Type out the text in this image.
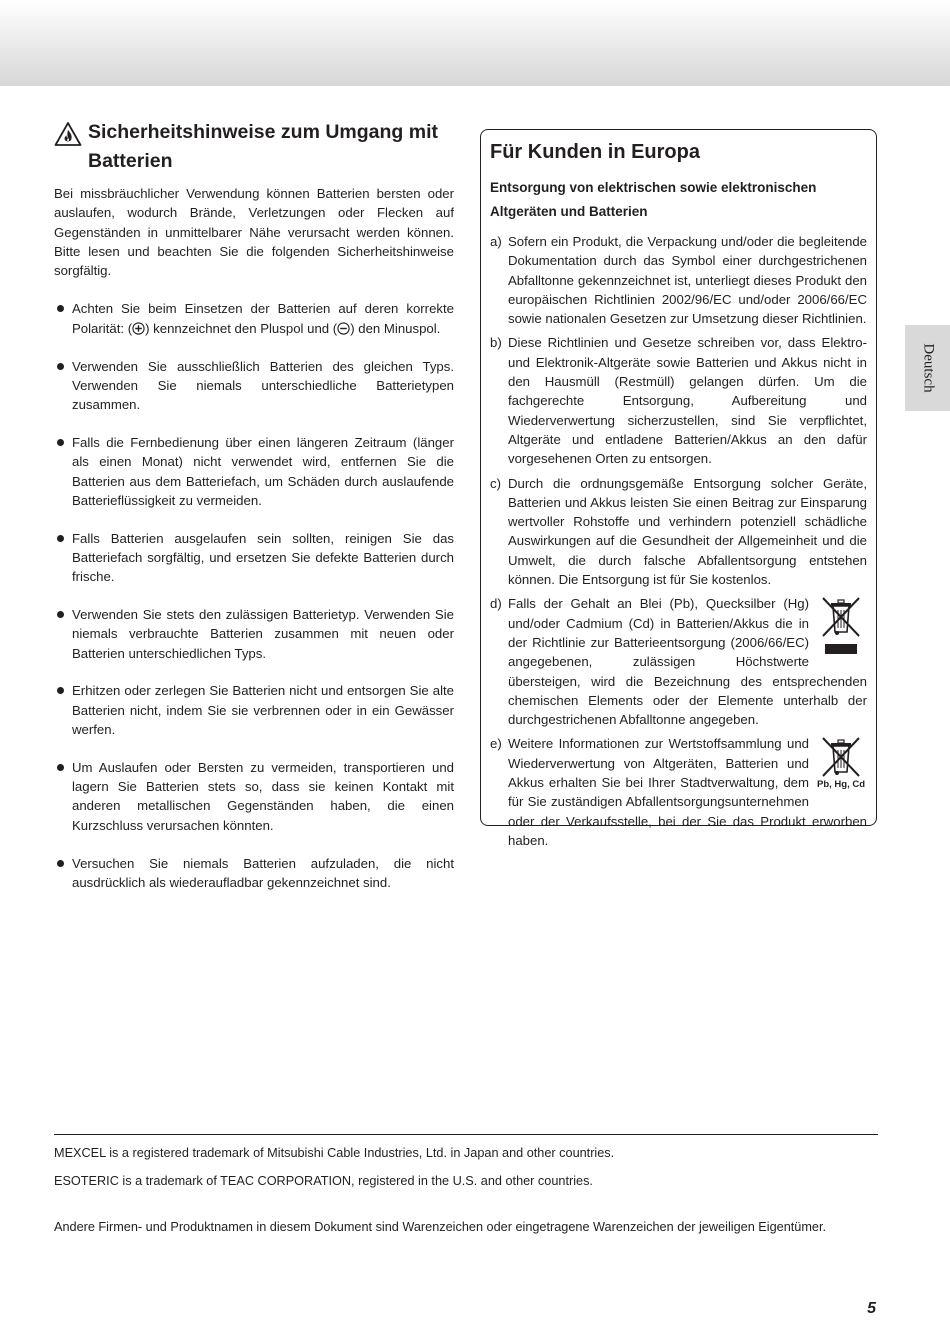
Deutsch
Sicherheitshinweise zum Umgang mit Batterien

Bei missbräuchlicher Verwendung können Batterien bersten oder auslaufen, wodurch Brände, Verletzungen oder Flecken auf Gegenständen in unmittelbarer Nähe verursacht werden können. Bitte lesen und beachten Sie die folgenden Sicherheitshinweise sorgfältig.

Achten Sie beim Einsetzen der Batterien auf deren korrekte Polarität: ( ) kennzeichnet den Pluspol und ( ) den Minuspol.
Verwenden Sie ausschließlich Batterien des gleichen Typs. Verwenden Sie niemals unterschiedliche Batterietypen zusammen.
Falls die Fernbedienung über einen längeren Zeitraum (länger als einen Monat) nicht verwendet wird, entfernen Sie die Batterien aus dem Batteriefach, um Schäden durch auslaufende Batterieflüssigkeit zu vermeiden.
Falls Batterien ausgelaufen sein sollten, reinigen Sie das Batteriefach sorgfältig, und ersetzen Sie defekte Batterien durch frische.
Verwenden Sie stets den zulässigen Batterietyp. Verwenden Sie niemals verbrauchte Batterien zusammen mit neuen oder Batterien unterschiedlichen Typs.
Erhitzen oder zerlegen Sie Batterien nicht und entsorgen Sie alte Batterien nicht, indem Sie sie verbrennen oder in ein Gewässer werfen.
Um Auslaufen oder Bersten zu vermeiden, transportieren und lagern Sie Batterien stets so, dass sie keinen Kontakt mit anderen metallischen Gegenständen haben, die einen Kurzschluss verursachen könnten.
Versuchen Sie niemals Batterien aufzuladen, die nicht ausdrücklich als wiederaufladbar gekennzeichnet sind.
Für Kunden in Europa
Entsorgung von elektrischen sowie elektronischen Altgeräten und Batterien
a) Sofern ein Produkt, die Verpackung und/oder die begleitende Dokumentation durch das Symbol einer durchgestrichenen Abfalltonne gekennzeichnet ist, unterliegt dieses Produkt den europäischen Richtlinien 2002/96/EC und/oder 2006/66/EC sowie nationalen Gesetzen zur Umsetzung dieser Richtlinien.
b) Diese Richtlinien und Gesetze schreiben vor, dass Elektro- und Elektronik-Altgeräte sowie Batterien und Akkus nicht in den Hausmüll (Restmüll) gelangen dürfen. Um die fachgerechte Entsorgung, Aufbereitung und Wiederverwertung sicherzustellen, sind Sie verpflichtet, Altgeräte und entladene Batterien/Akkus an den dafür vorgesehenen Orten zu entsorgen.
c) Durch die ordnungsgemäße Entsorgung solcher Geräte, Batterien und Akkus leisten Sie einen Beitrag zur Einsparung wertvoller Rohstoffe und verhindern potenziell schädliche Auswirkungen auf die Gesundheit der Allgemeinheit und die Umwelt, die durch falsche Abfallentsorgung entstehen können. Die Entsorgung ist für Sie kostenlos.
d) Falls der Gehalt an Blei (Pb), Quecksilber (Hg) und/oder Cadmium (Cd) in Batterien/Akkus die in der Richtlinie zur Batterieentsorgung (2006/66/EC) angegebenen, zulässigen Höchstwerte übersteigen, wird die Bezeichnung des entsprechenden chemischen Elements oder der Elemente unterhalb der durchgestrichenen Abfalltonne angegeben.
e)
Pb, Hg, Cd
Weitere Informationen zur Wertstoffsammlung und Wiederverwertung von Altgeräten, Batterien und Akkus erhalten Sie bei Ihrer Stadtverwaltung, dem für Sie zuständigen Abfallentsorgungsunternehmen oder der Verkaufsstelle, bei der Sie das Produkt erworben haben.
MEXCEL is a registered trademark of Mitsubishi Cable Industries, Ltd. in Japan and other countries.
ESOTERIC is a trademark of TEAC CORPORATION, registered in the U.S. and other countries.
Andere Firmen- und Produktnamen in diesem Dokument sind Warenzeichen oder eingetragene Warenzeichen der jeweiligen Eigentümer.
5
